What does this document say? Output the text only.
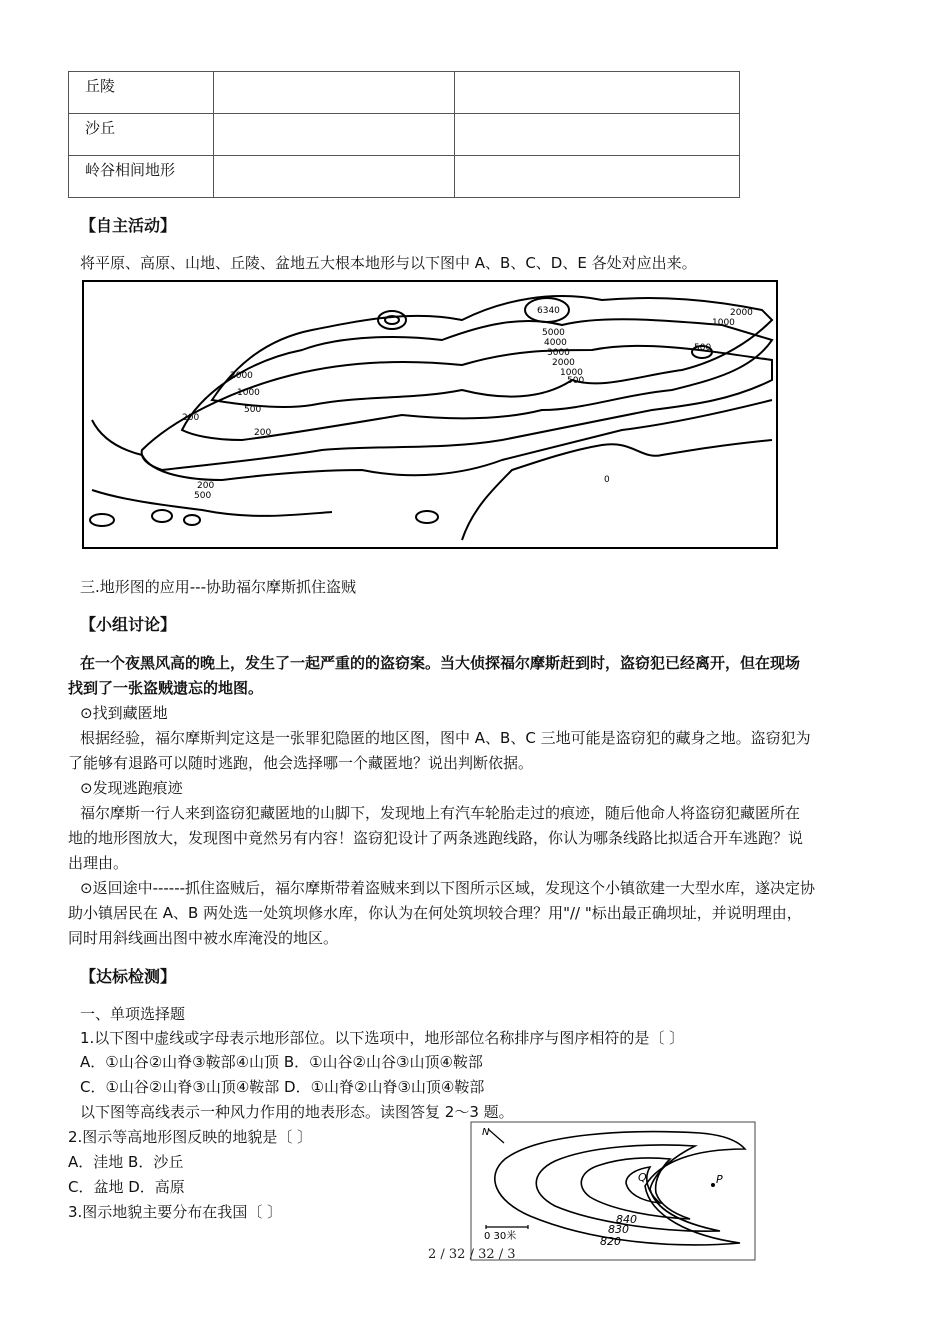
丘陵		
沙丘		
岭谷相间地形		
【自主活动】
将平原、高原、山地、丘陵、盆地五大根本地形与以下图中 A、B、C、D、E 各处对应出来。
6340
5000
4000
3000
2000
1000
500
200
2000
1000
500
200
200
500
1000
2000
500
0
三.地形图的应用---协助福尔摩斯抓住盗贼
【小组讨论】
在一个夜黑风高的晚上，发生了一起严重的的盗窃案。当大侦探福尔摩斯赶到时，盗窃犯已经离开，但在现场
找到了一张盗贼遗忘的地图。
⊙找到藏匿地
根据经验，福尔摩斯判定这是一张罪犯隐匿的地区图，图中 A、B、C 三地可能是盗窃犯的藏身之地。盗窃犯为
了能够有退路可以随时逃跑，他会选择哪一个藏匿地？说出判断依据。
⊙发现逃跑痕迹
福尔摩斯一行人来到盗窃犯藏匿地的山脚下，发现地上有汽车轮胎走过的痕迹，随后他命人将盗窃犯藏匿所在
地的地形图放大，发现图中竟然另有内容！盗窃犯设计了两条逃跑线路，你认为哪条线路比拟适合开车逃跑？说
出理由。
⊙返回途中------抓住盗贼后，福尔摩斯带着盗贼来到以下图所示区域，发现这个小镇欲建一大型水库，遂决定协
助小镇居民在 A、B 两处选一处筑坝修水库，你认为在何处筑坝较合理？用"// "标出最正确坝址，并说明理由，
同时用斜线画出图中被水库淹没的地区。
【达标检测】
一、单项选择题
1.以下图中虚线或字母表示地形部位。以下选项中，地形部位名称排序与图序相符的是〔 〕
A．①山谷②山脊③鞍部④山顶 B．①山谷②山谷③山顶④鞍部
C．①山谷②山脊③山顶④鞍部 D．①山脊②山脊③山顶④鞍部
以下图等高线表示一种风力作用的地表形态。读图答复 2～3 题。
2.图示等高地形图反映的地貌是〔 〕
A．洼地 B．沙丘
C．盆地 D．高原
3.图示地貌主要分布在我国〔 〕
N
Q	P
840
830
820
0 30米
2 / 32 / 32 / 3
